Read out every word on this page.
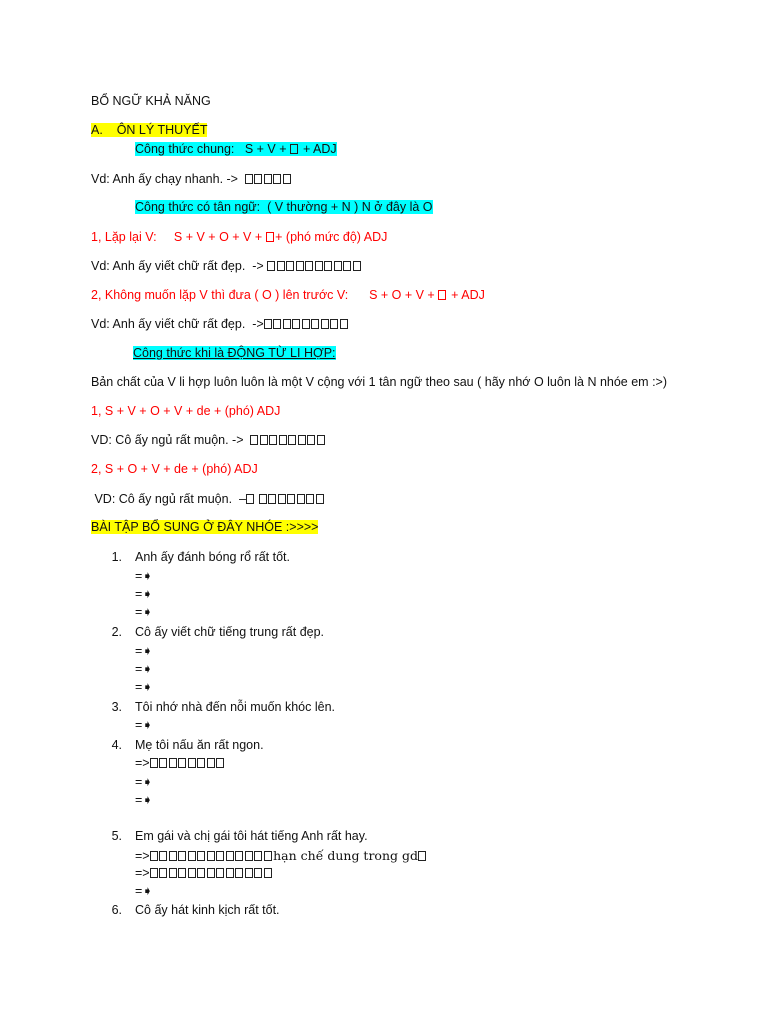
BỔ NGỮ KHẢ NĂNG
A.    ÔN LÝ THUYẾT
Công thức chung:   S + V +  + ADJ
Vd: Anh ấy chạy nhanh. ->
Công thức có tân ngữ:  ( V thường + N ) N ở đây là O
1, Lặp lại V:     S + V + O + V + + (phó mức độ) ADJ
Vd: Anh ấy viết chữ rất đẹp.  ->
2, Không muốn lặp V thì đưa ( O ) lên trước V:      S + O + V +  + ADJ
Vd: Anh ấy viết chữ rất đẹp.  ->
Công thức khi là ĐỘNG TỪ LI HỢP:
Bản chất của V li hợp luôn luôn là một V cộng với 1 tân ngữ theo sau ( hãy nhớ O luôn là N nhóe em :>)
1, S + V + O + V + de + (phó) ADJ
VD: Cô ấy ngủ rất muộn. ->
2, S + O + V + de + (phó) ADJ
VD: Cô ấy ngủ rất muộn.  –
BÀI TẬP BỔ SUNG Ở ĐÂY NHÓE :>>>>
1. Anh ấy đánh bóng rổ rất tốt.
=➧
=➧
=➧
2. Cô ấy viết chữ tiếng trung rất đẹp.
=➧
=➧
=➧
3. Tôi nhớ nhà đến nỗi muốn khóc lên.
=➧
4. Mẹ tôi nấu ăn rất ngon.
=>
=➧
=➧
5. Em gái và chị gái tôi hát tiếng Anh rất hay.
=>	hạn chế dung trong gd
=>
=➧
6. Cô ấy hát kinh kịch rất tốt.
